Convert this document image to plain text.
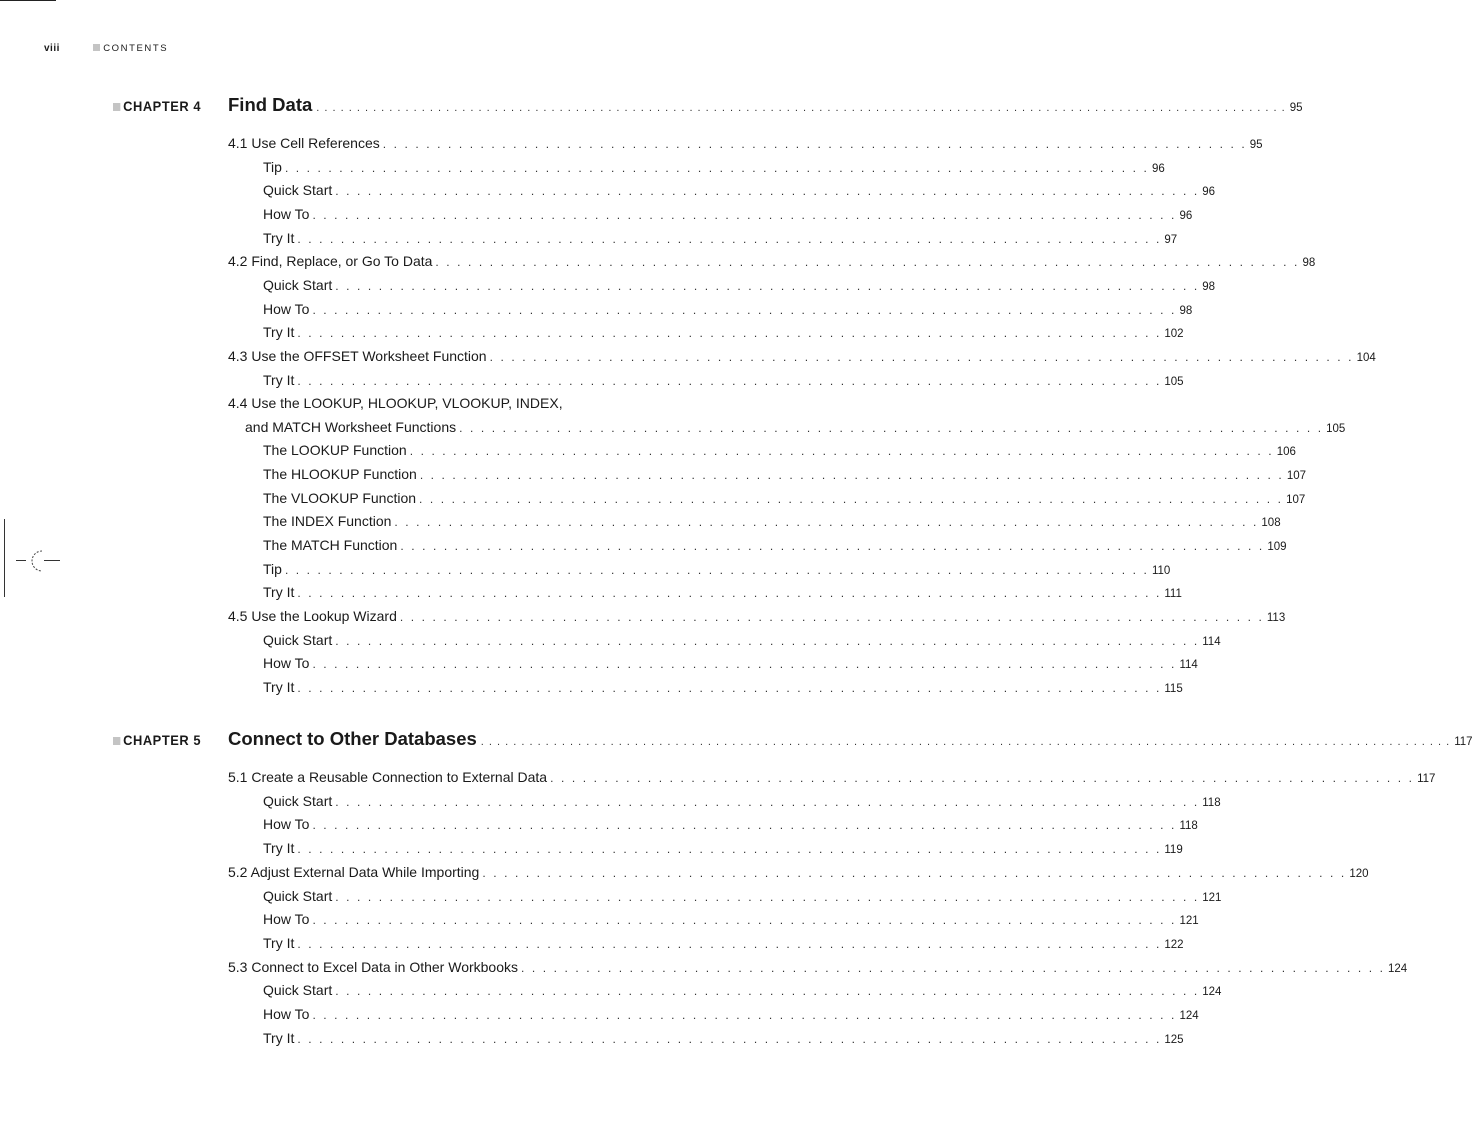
viii	CONTENTS
CHAPTER 4 Find Data . . . . . . . . . . . . . . . . . . . . . . . . . . . . . . . . . . . . . . . . . . . . . . . . . . . . . . . . . . . . . . . . . . . . . . . . . . . . . . . . . . . . . . . . . . . . . . . . . . . . . . . . . . . . . . . . . . . . . . . . 95
4.1 Use Cell References . . . . . . . . . . . . . . . . . . . . . . . . . . . . . . . . . . . . . . . . . . . . . . . . . . . . . . . . . . . . . . . . . . . . . . . . . . . . . . . . 95
Tip . . . . . . . . . . . . . . . . . . . . . . . . . . . . . . . . . . . . . . . . . . . . . . . . . . . . . . . . . . . . . . . . . . . . . . . . . . . . . . . . 96
Quick Start . . . . . . . . . . . . . . . . . . . . . . . . . . . . . . . . . . . . . . . . . . . . . . . . . . . . . . . . . . . . . . . . . . . . . . . . . . . . . . . . 96
How To . . . . . . . . . . . . . . . . . . . . . . . . . . . . . . . . . . . . . . . . . . . . . . . . . . . . . . . . . . . . . . . . . . . . . . . . . . . . . . . . 96
Try It . . . . . . . . . . . . . . . . . . . . . . . . . . . . . . . . . . . . . . . . . . . . . . . . . . . . . . . . . . . . . . . . . . . . . . . . . . . . . . . . 97
4.2 Find, Replace, or Go To Data . . . . . . . . . . . . . . . . . . . . . . . . . . . . . . . . . . . . . . . . . . . . . . . . . . . . . . . . . . . . . . . . . . . . . . . . . . . . . . . . 98
Quick Start . . . . . . . . . . . . . . . . . . . . . . . . . . . . . . . . . . . . . . . . . . . . . . . . . . . . . . . . . . . . . . . . . . . . . . . . . . . . . . . . 98
How To . . . . . . . . . . . . . . . . . . . . . . . . . . . . . . . . . . . . . . . . . . . . . . . . . . . . . . . . . . . . . . . . . . . . . . . . . . . . . . . . 98
Try It . . . . . . . . . . . . . . . . . . . . . . . . . . . . . . . . . . . . . . . . . . . . . . . . . . . . . . . . . . . . . . . . . . . . . . . . . . . . . . . . 102
4.3 Use the OFFSET Worksheet Function . . . . . . . . . . . . . . . . . . . . . . . . . . . . . . . . . . . . . . . . . . . . . . . . . . . . . . . . . . . . . . . . . . . . . . . . . . . . . . . . 104
Try It . . . . . . . . . . . . . . . . . . . . . . . . . . . . . . . . . . . . . . . . . . . . . . . . . . . . . . . . . . . . . . . . . . . . . . . . . . . . . . . . 105
4.4 Use the LOOKUP, HLOOKUP, VLOOKUP, INDEX,
and MATCH Worksheet Functions . . . . . . . . . . . . . . . . . . . . . . . . . . . . . . . . . . . . . . . . . . . . . . . . . . . . . . . . . . . . . . . . . . . . . . . . . . . . . . . . 105
The LOOKUP Function . . . . . . . . . . . . . . . . . . . . . . . . . . . . . . . . . . . . . . . . . . . . . . . . . . . . . . . . . . . . . . . . . . . . . . . . . . . . . . . . 106
The HLOOKUP Function . . . . . . . . . . . . . . . . . . . . . . . . . . . . . . . . . . . . . . . . . . . . . . . . . . . . . . . . . . . . . . . . . . . . . . . . . . . . . . . . 107
The VLOOKUP Function . . . . . . . . . . . . . . . . . . . . . . . . . . . . . . . . . . . . . . . . . . . . . . . . . . . . . . . . . . . . . . . . . . . . . . . . . . . . . . . . 107
The INDEX Function . . . . . . . . . . . . . . . . . . . . . . . . . . . . . . . . . . . . . . . . . . . . . . . . . . . . . . . . . . . . . . . . . . . . . . . . . . . . . . . . 108
The MATCH Function . . . . . . . . . . . . . . . . . . . . . . . . . . . . . . . . . . . . . . . . . . . . . . . . . . . . . . . . . . . . . . . . . . . . . . . . . . . . . . . . 109
Tip . . . . . . . . . . . . . . . . . . . . . . . . . . . . . . . . . . . . . . . . . . . . . . . . . . . . . . . . . . . . . . . . . . . . . . . . . . . . . . . . 110
Try It . . . . . . . . . . . . . . . . . . . . . . . . . . . . . . . . . . . . . . . . . . . . . . . . . . . . . . . . . . . . . . . . . . . . . . . . . . . . . . . . 111
4.5 Use the Lookup Wizard . . . . . . . . . . . . . . . . . . . . . . . . . . . . . . . . . . . . . . . . . . . . . . . . . . . . . . . . . . . . . . . . . . . . . . . . . . . . . . . . 113
Quick Start . . . . . . . . . . . . . . . . . . . . . . . . . . . . . . . . . . . . . . . . . . . . . . . . . . . . . . . . . . . . . . . . . . . . . . . . . . . . . . . . 114
How To . . . . . . . . . . . . . . . . . . . . . . . . . . . . . . . . . . . . . . . . . . . . . . . . . . . . . . . . . . . . . . . . . . . . . . . . . . . . . . . . 114
Try It . . . . . . . . . . . . . . . . . . . . . . . . . . . . . . . . . . . . . . . . . . . . . . . . . . . . . . . . . . . . . . . . . . . . . . . . . . . . . . . . 115
CHAPTER 5 Connect to Other Databases . . . . . . . . . . . . . . . . . . . . . . . . . . . . . . . . . . . . . . . . . . . . . . . . . . . . . . . . . . . . . . . . . . . . . . . . . . . . . . . . . . . . . . . . . . . . . . . . . . . . . . . . . . . . . . . . . . . . . . . . 117
5.1 Create a Reusable Connection to External Data . . . . . . . . . . . . . . . . . . . . . . . . . . . . . . . . . . . . . . . . . . . . . . . . . . . . . . . . . . . . . . . . . . . . . . . . . . . . . . . . 117
Quick Start . . . . . . . . . . . . . . . . . . . . . . . . . . . . . . . . . . . . . . . . . . . . . . . . . . . . . . . . . . . . . . . . . . . . . . . . . . . . . . . . 118
How To . . . . . . . . . . . . . . . . . . . . . . . . . . . . . . . . . . . . . . . . . . . . . . . . . . . . . . . . . . . . . . . . . . . . . . . . . . . . . . . . 118
Try It . . . . . . . . . . . . . . . . . . . . . . . . . . . . . . . . . . . . . . . . . . . . . . . . . . . . . . . . . . . . . . . . . . . . . . . . . . . . . . . . 119
5.2 Adjust External Data While Importing . . . . . . . . . . . . . . . . . . . . . . . . . . . . . . . . . . . . . . . . . . . . . . . . . . . . . . . . . . . . . . . . . . . . . . . . . . . . . . . . 120
Quick Start . . . . . . . . . . . . . . . . . . . . . . . . . . . . . . . . . . . . . . . . . . . . . . . . . . . . . . . . . . . . . . . . . . . . . . . . . . . . . . . . 121
How To . . . . . . . . . . . . . . . . . . . . . . . . . . . . . . . . . . . . . . . . . . . . . . . . . . . . . . . . . . . . . . . . . . . . . . . . . . . . . . . . 121
Try It . . . . . . . . . . . . . . . . . . . . . . . . . . . . . . . . . . . . . . . . . . . . . . . . . . . . . . . . . . . . . . . . . . . . . . . . . . . . . . . . 122
5.3 Connect to Excel Data in Other Workbooks . . . . . . . . . . . . . . . . . . . . . . . . . . . . . . . . . . . . . . . . . . . . . . . . . . . . . . . . . . . . . . . . . . . . . . . . . . . . . . . . 124
Quick Start . . . . . . . . . . . . . . . . . . . . . . . . . . . . . . . . . . . . . . . . . . . . . . . . . . . . . . . . . . . . . . . . . . . . . . . . . . . . . . . . 124
How To . . . . . . . . . . . . . . . . . . . . . . . . . . . . . . . . . . . . . . . . . . . . . . . . . . . . . . . . . . . . . . . . . . . . . . . . . . . . . . . . 124
Try It . . . . . . . . . . . . . . . . . . . . . . . . . . . . . . . . . . . . . . . . . . . . . . . . . . . . . . . . . . . . . . . . . . . . . . . . . . . . . . . . 125
